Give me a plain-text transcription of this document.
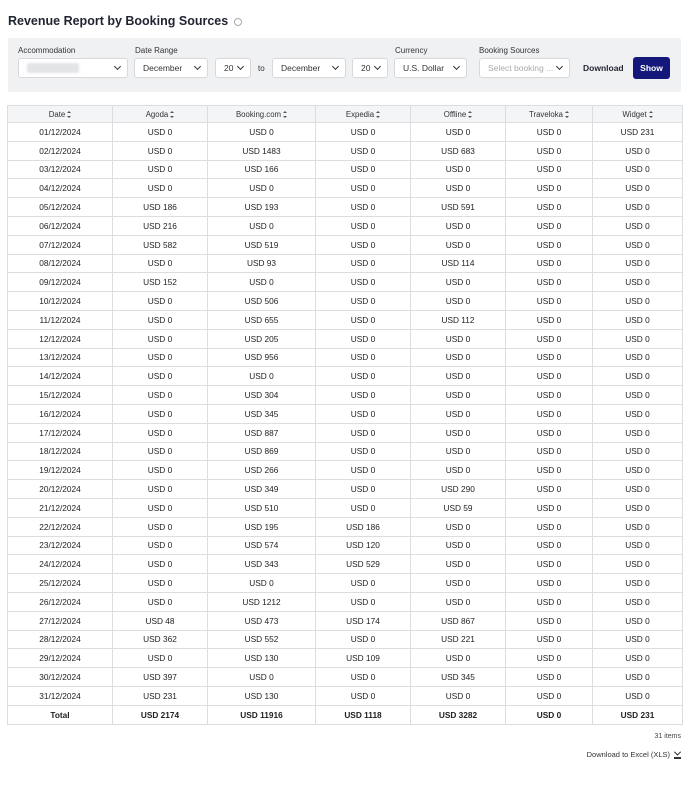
Revenue Report by Booking Sources
Accommodation	Date Range
December	20	to December	20
Currency
U.S. Dollar
Booking Sources
Select booking ...	Download	Show
Date	Agoda	Booking.com	Expedia	Offline	Traveloka	Widget
01/12/2024	USD 0	USD 0	USD 0	USD 0	USD 0	USD 231
02/12/2024	USD 0	USD 1483	USD 0	USD 683	USD 0	USD 0
03/12/2024	USD 0	USD 166	USD 0	USD 0	USD 0	USD 0
04/12/2024	USD 0	USD 0	USD 0	USD 0	USD 0	USD 0
05/12/2024	USD 186	USD 193	USD 0	USD 591	USD 0	USD 0
06/12/2024	USD 216	USD 0	USD 0	USD 0	USD 0	USD 0
07/12/2024	USD 582	USD 519	USD 0	USD 0	USD 0	USD 0
08/12/2024	USD 0	USD 93	USD 0	USD 114	USD 0	USD 0
09/12/2024	USD 152	USD 0	USD 0	USD 0	USD 0	USD 0
10/12/2024	USD 0	USD 506	USD 0	USD 0	USD 0	USD 0
11/12/2024	USD 0	USD 655	USD 0	USD 112	USD 0	USD 0
12/12/2024	USD 0	USD 205	USD 0	USD 0	USD 0	USD 0
13/12/2024	USD 0	USD 956	USD 0	USD 0	USD 0	USD 0
14/12/2024	USD 0	USD 0	USD 0	USD 0	USD 0	USD 0
15/12/2024	USD 0	USD 304	USD 0	USD 0	USD 0	USD 0
16/12/2024	USD 0	USD 345	USD 0	USD 0	USD 0	USD 0
17/12/2024	USD 0	USD 887	USD 0	USD 0	USD 0	USD 0
18/12/2024	USD 0	USD 869	USD 0	USD 0	USD 0	USD 0
19/12/2024	USD 0	USD 266	USD 0	USD 0	USD 0	USD 0
20/12/2024	USD 0	USD 349	USD 0	USD 290	USD 0	USD 0
21/12/2024	USD 0	USD 510	USD 0	USD 59	USD 0	USD 0
22/12/2024	USD 0	USD 195	USD 186	USD 0	USD 0	USD 0
23/12/2024	USD 0	USD 574	USD 120	USD 0	USD 0	USD 0
24/12/2024	USD 0	USD 343	USD 529	USD 0	USD 0	USD 0
25/12/2024	USD 0	USD 0	USD 0	USD 0	USD 0	USD 0
26/12/2024	USD 0	USD 1212	USD 0	USD 0	USD 0	USD 0
27/12/2024	USD 48	USD 473	USD 174	USD 867	USD 0	USD 0
28/12/2024	USD 362	USD 552	USD 0	USD 221	USD 0	USD 0
29/12/2024	USD 0	USD 130	USD 109	USD 0	USD 0	USD 0
30/12/2024	USD 397	USD 0	USD 0	USD 345	USD 0	USD 0
31/12/2024	USD 231	USD 130	USD 0	USD 0	USD 0	USD 0
Total	USD 2174	USD 11916	USD 1118	USD 3282	USD 0	USD 231
31 items
Download to Excel (XLS)
